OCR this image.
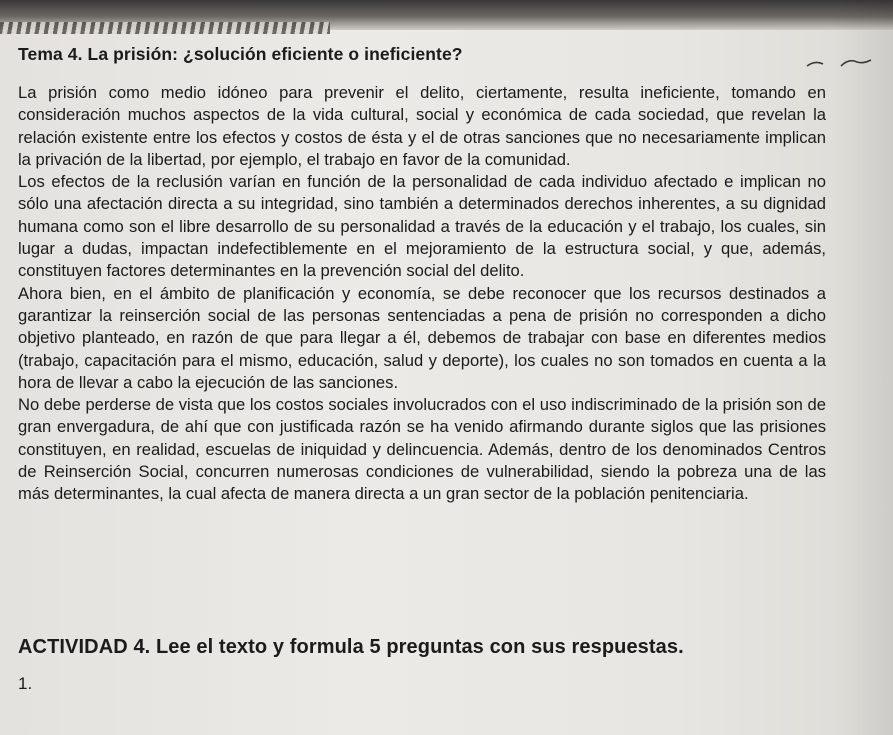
Tema 4. La prisión: ¿solución eficiente o ineficiente?

La prisión como medio idóneo para prevenir el delito, ciertamente, resulta ineficiente, tomando en consideración muchos aspectos de la vida cultural, social y económica de cada sociedad, que revelan la relación existente entre los efectos y costos de ésta y el de otras sanciones que no necesariamente implican la privación de la libertad, por ejemplo, el trabajo en favor de la comunidad.

Los efectos de la reclusión varían en función de la personalidad de cada individuo afectado e implican no sólo una afectación directa a su integridad, sino también a determinados derechos inherentes, a su dignidad humana como son el libre desarrollo de su personalidad a través de la educación y el trabajo, los cuales, sin lugar a dudas, impactan indefectiblemente en el mejoramiento de la estructura social, y que, además, constituyen factores determinantes en la prevención social del delito.

Ahora bien, en el ámbito de planificación y economía, se debe reconocer que los recursos destinados a garantizar la reinserción social de las personas sentenciadas a pena de prisión no corresponden a dicho objetivo planteado, en razón de que para llegar a él, debemos de trabajar con base en diferentes medios (trabajo, capacitación para el mismo, educación, salud y deporte), los cuales no son tomados en cuenta a la hora de llevar a cabo la ejecución de las sanciones.

No debe perderse de vista que los costos sociales involucrados con el uso indiscriminado de la prisión son de gran envergadura, de ahí que con justificada razón se ha venido afirmando durante siglos que las prisiones constituyen, en realidad, escuelas de iniquidad y delincuencia. Además, dentro de los denominados Centros de Reinserción Social, concurren numerosas condiciones de vulnerabilidad, siendo la pobreza una de las más determinantes, la cual afecta de manera directa a un gran sector de la población penitenciaria.

ACTIVIDAD 4. Lee el texto y formula 5 preguntas con sus respuestas.
1.
